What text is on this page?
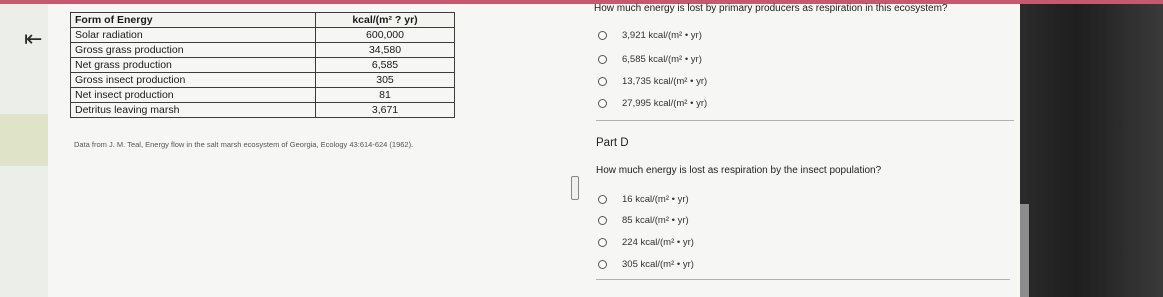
⇤
Form of Energy	kcal/(m² ? yr)
Solar radiation	600,000
Gross grass production	34,580
Net grass production	6,585
Gross insect production	305
Net insect production	81
Detritus leaving marsh	3,671
Data from J. M. Teal, Energy flow in the salt marsh ecosystem of Georgia, Ecology 43:614-624 (1962).
How much energy is lost by primary producers as respiration in this ecosystem?
3,921 kcal/(m² • yr)
6,585 kcal/(m² • yr)
13,735 kcal/(m² • yr)
27,995 kcal/(m² • yr)
Part D
How much energy is lost as respiration by the insect population?
16 kcal/(m² • yr)
85 kcal/(m² • yr)
224 kcal/(m² • yr)
305 kcal/(m² • yr)
